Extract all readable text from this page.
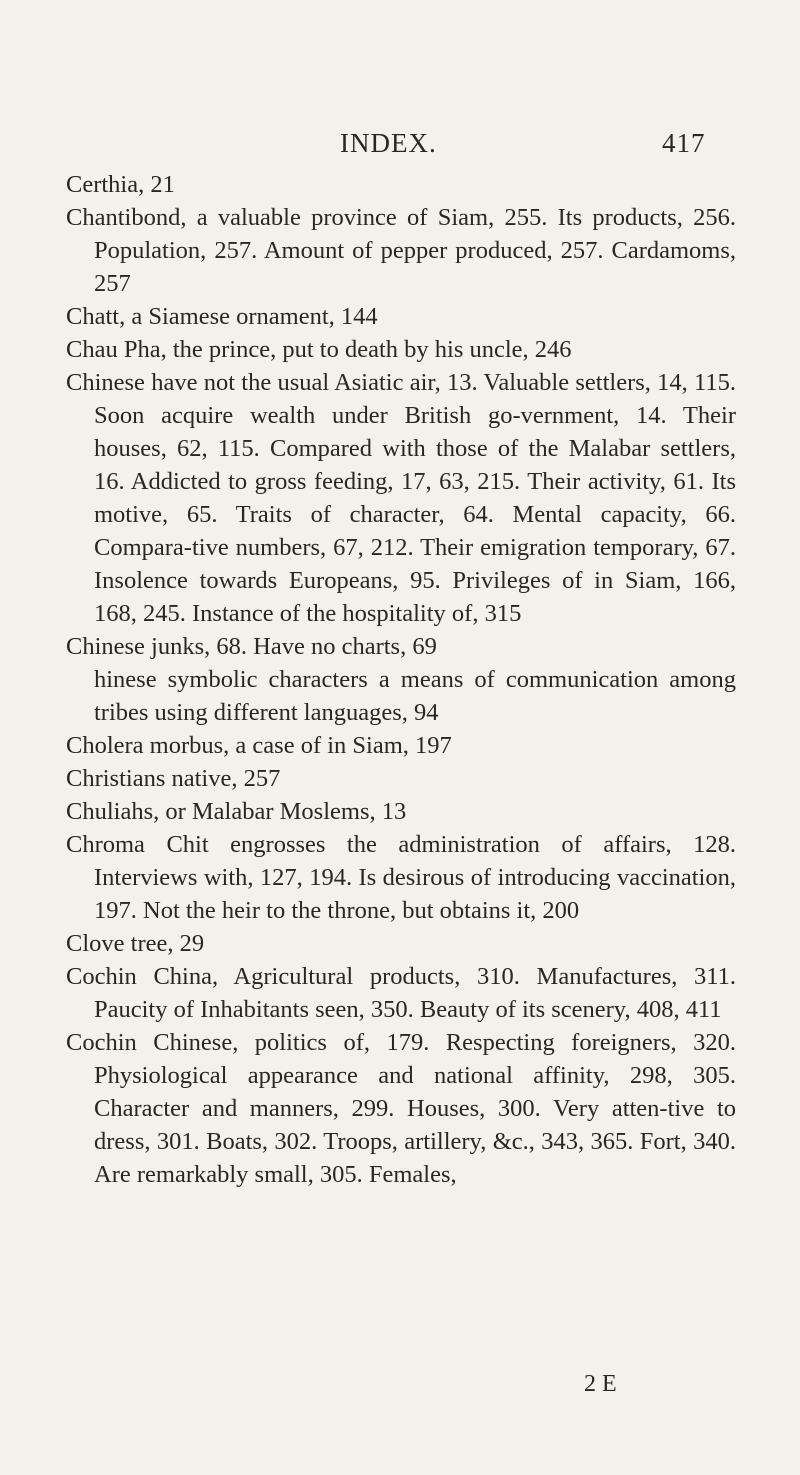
INDEX.	417

Certhia, 21

Chantibond, a valuable province of Siam, 255. Its products, 256. Population, 257. Amount of pepper produced, 257. Cardamoms, 257

Chatt, a Siamese ornament, 144

Chau Pha, the prince, put to death by his uncle, 246

Chinese have not the usual Asiatic air, 13. Valuable settlers, 14, 115. Soon acquire wealth under British go-vernment, 14. Their houses, 62, 115. Compared with those of the Malabar settlers, 16. Addicted to gross feeding, 17, 63, 215. Their activity, 61. Its motive, 65. Traits of character, 64. Mental capacity, 66. Compara-tive numbers, 67, 212. Their emigration temporary, 67. Insolence towards Europeans, 95. Privileges of in Siam, 166, 168, 245. Instance of the hospitality of, 315

Chinese junks, 68. Have no charts, 69

hinese symbolic characters a means of communication among tribes using different languages, 94

Cholera morbus, a case of in Siam, 197

Christians native, 257

Chuliahs, or Malabar Moslems, 13

Chroma Chit engrosses the administration of affairs, 128. Interviews with, 127, 194. Is desirous of introducing vaccination, 197. Not the heir to the throne, but obtains it, 200

Clove tree, 29

Cochin China, Agricultural products, 310. Manufactures, 311. Paucity of Inhabitants seen, 350. Beauty of its scenery, 408, 411

Cochin Chinese, politics of, 179. Respecting foreigners, 320. Physiological appearance and national affinity, 298, 305. Character and manners, 299. Houses, 300. Very atten-tive to dress, 301. Boats, 302. Troops, artillery, &c., 343, 365. Fort, 340. Are remarkably small, 305. Females,

2 E
